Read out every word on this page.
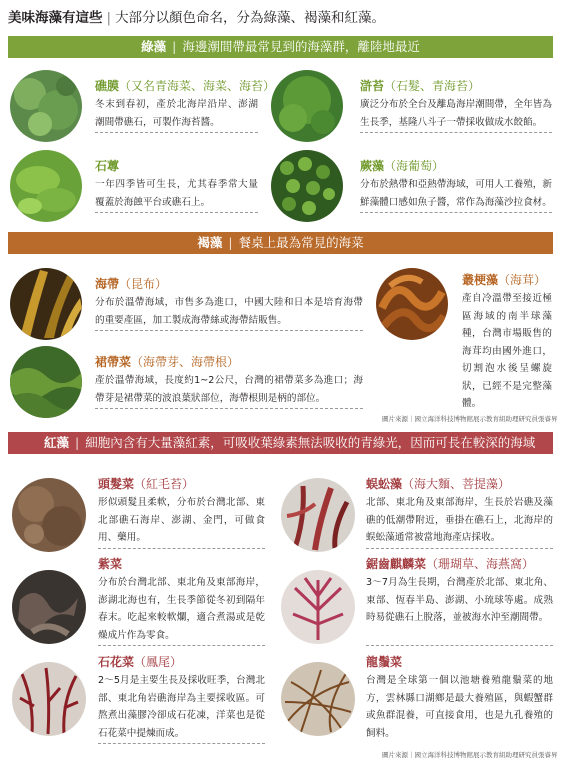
美味海藻有這些 | 大部分以顏色命名，分為綠藻、褐藻和紅藻。
綠藻 | 海邊潮間帶最常見到的海藻群，離陸地最近
礁膜（又名青海菜、海菜、海苔）
冬末到春初，產於北海岸沿岸、澎湖潮間帶礁石，可製作海苔醬。
滸苔（石髮、青海苔）
廣泛分布於全台及離島海岸潮間帶，全年皆為生長季，基隆八斗子一帶採收做成水餃餡。
石蓴
一年四季皆可生長，尤其春季常大量覆蓋於海蝕平台或礁石上。
蕨藻（海葡萄）
分布於熱帶和亞熱帶海域，可用人工養殖，新鮮藻體口感如魚子醬，常作為海藻沙拉食材。
褐藻 | 餐桌上最為常見的海菜
海帶（昆布）
分布於溫帶海域，市售多為進口，中國大陸和日本是培育海帶的重要產區，加工製成海帶絲或海帶結販售。
叢梗藻（海茸）
產自冷溫帶至接近極區海域的南半球藻種，台灣市場販售的海茸均由國外進口，切割泡水後呈螺旋狀，已經不是完整藻體。
裙帶菜（海帶芽、海帶根）
產於溫帶海域，長度約1~2公尺，台灣的裙帶菜多為進口；海帶芽是裙帶菜的波浪葉狀部位，海帶根則是柄的部位。
圖片來源｜國立海洋科技博物館展示教育組助理研究員張睿昇
紅藻 | 細胞內含有大量藻紅素，可吸收葉綠素無法吸收的青綠光，因而可長在較深的海域
頭髮菜（紅毛苔）
形似頭髮且柔軟，分布於台灣北部、東北部礁石海岸、澎湖、金門，可做食用、藥用。
蜈蚣藻（海大麵、菩提藻）
北部、東北角及東部海岸，生長於岩礁及藻礁的低潮帶附近，垂掛在礁石上，北海岸的蜈蚣藻通常被當地海產店採收。
紫菜
分布於台灣北部、東北角及東部海岸，澎湖北海也有，生長季節從冬初到隔年春末。吃起來較軟爛，適合煮湯或是乾燥成片作為零食。
鋸齒麒麟菜（珊瑚草、海燕窩）
3～7月為生長期，台灣產於北部、東北角、東部、恆春半島、澎湖、小琉球等處。成熟時易從礁石上脫落，並被海水沖至潮間帶。
石花菜（鳳尾）
2～5月是主要生長及採收旺季，台灣北部、東北角岩礁海岸為主要採收區。可熬煮出藻膠冷卻成石花凍，洋菜也是從石花菜中提煉而成。
龍鬚菜
台灣是全球第一個以池塘養殖龍鬚菜的地方，雲林縣口湖鄉是最大養殖區，與蝦蟹群或魚群混養，可直接食用，也是九孔養殖的飼料。
圖片來源｜國立海洋科技博物館展示教育組助理研究員張睿昇
